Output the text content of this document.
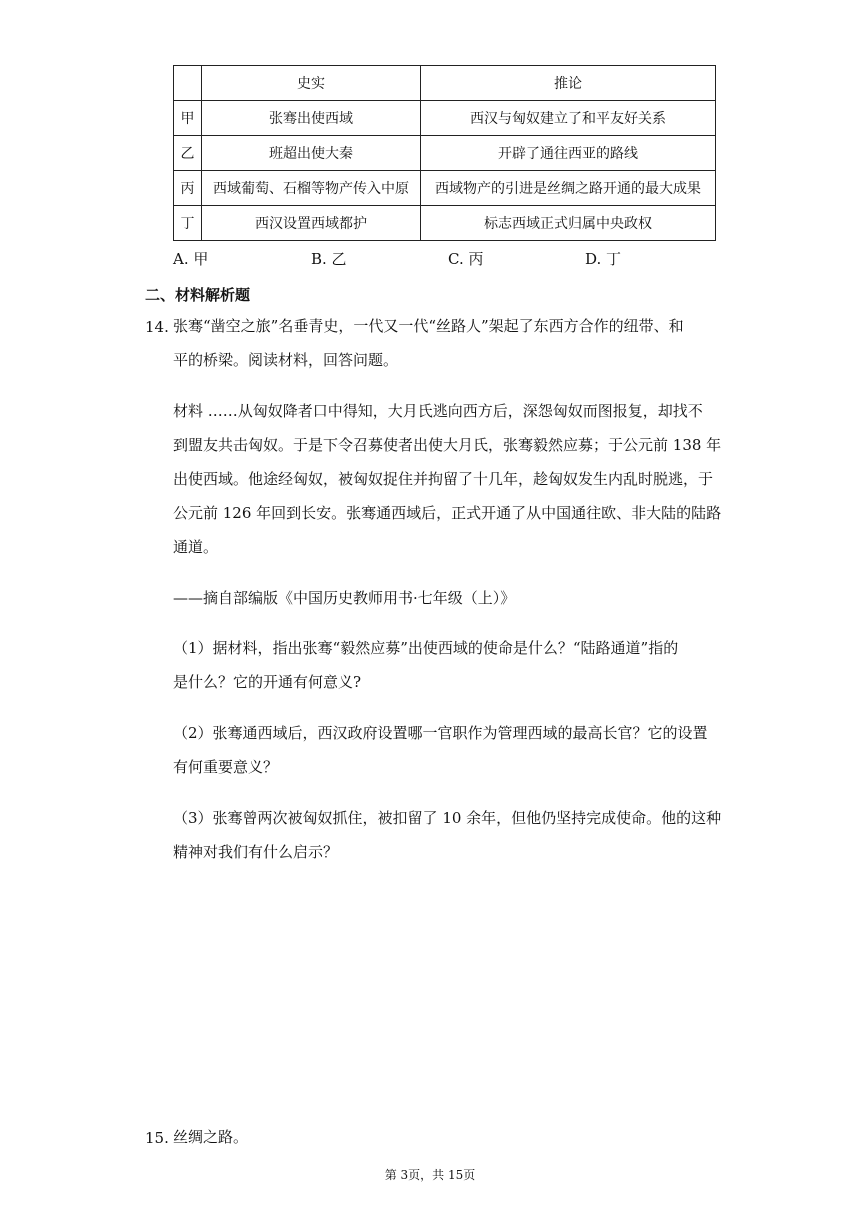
	史实	推论
甲	张骞出使西域	西汉与匈奴建立了和平友好关系
乙	班超出使大秦	开辟了通往西亚的路线
丙	西域葡萄、石榴等物产传入中原	西域物产的引进是丝绸之路开通的最大成果
丁	西汉设置西域都护	标志西域正式归属中央政权
A. 甲	B. 乙	C. 丙	D. 丁
二、材料解析题
14. 张骞“凿空之旅”名垂青史，一代又一代“丝路人”架起了东西方合作的纽带、和
平的桥梁。阅读材料，回答问题。
材料 ……从匈奴降者口中得知，大月氏逃向西方后，深怨匈奴而图报复，却找不
到盟友共击匈奴。于是下令召募使者出使大月氏，张骞毅然应募；于公元前 138 年
出使西域。他途经匈奴，被匈奴捉住并拘留了十几年，趁匈奴发生内乱时脱逃，于
公元前 126 年回到长安。张骞通西域后，正式开通了从中国通往欧、非大陆的陆路
通道。
——摘自部编版《中国历史教师用书·七年级（上）》
（1）据材料，指出张骞“毅然应募”出使西域的使命是什么？“陆路通道”指的
是什么？它的开通有何意义?
（2）张骞通西域后，西汉政府设置哪一官职作为管理西域的最高长官？它的设置
有何重要意义？
（3）张骞曾两次被匈奴抓住，被扣留了 10 余年，但他仍坚持完成使命。他的这种
精神对我们有什么启示？
15. 丝绸之路。
第 3页，共 15页
